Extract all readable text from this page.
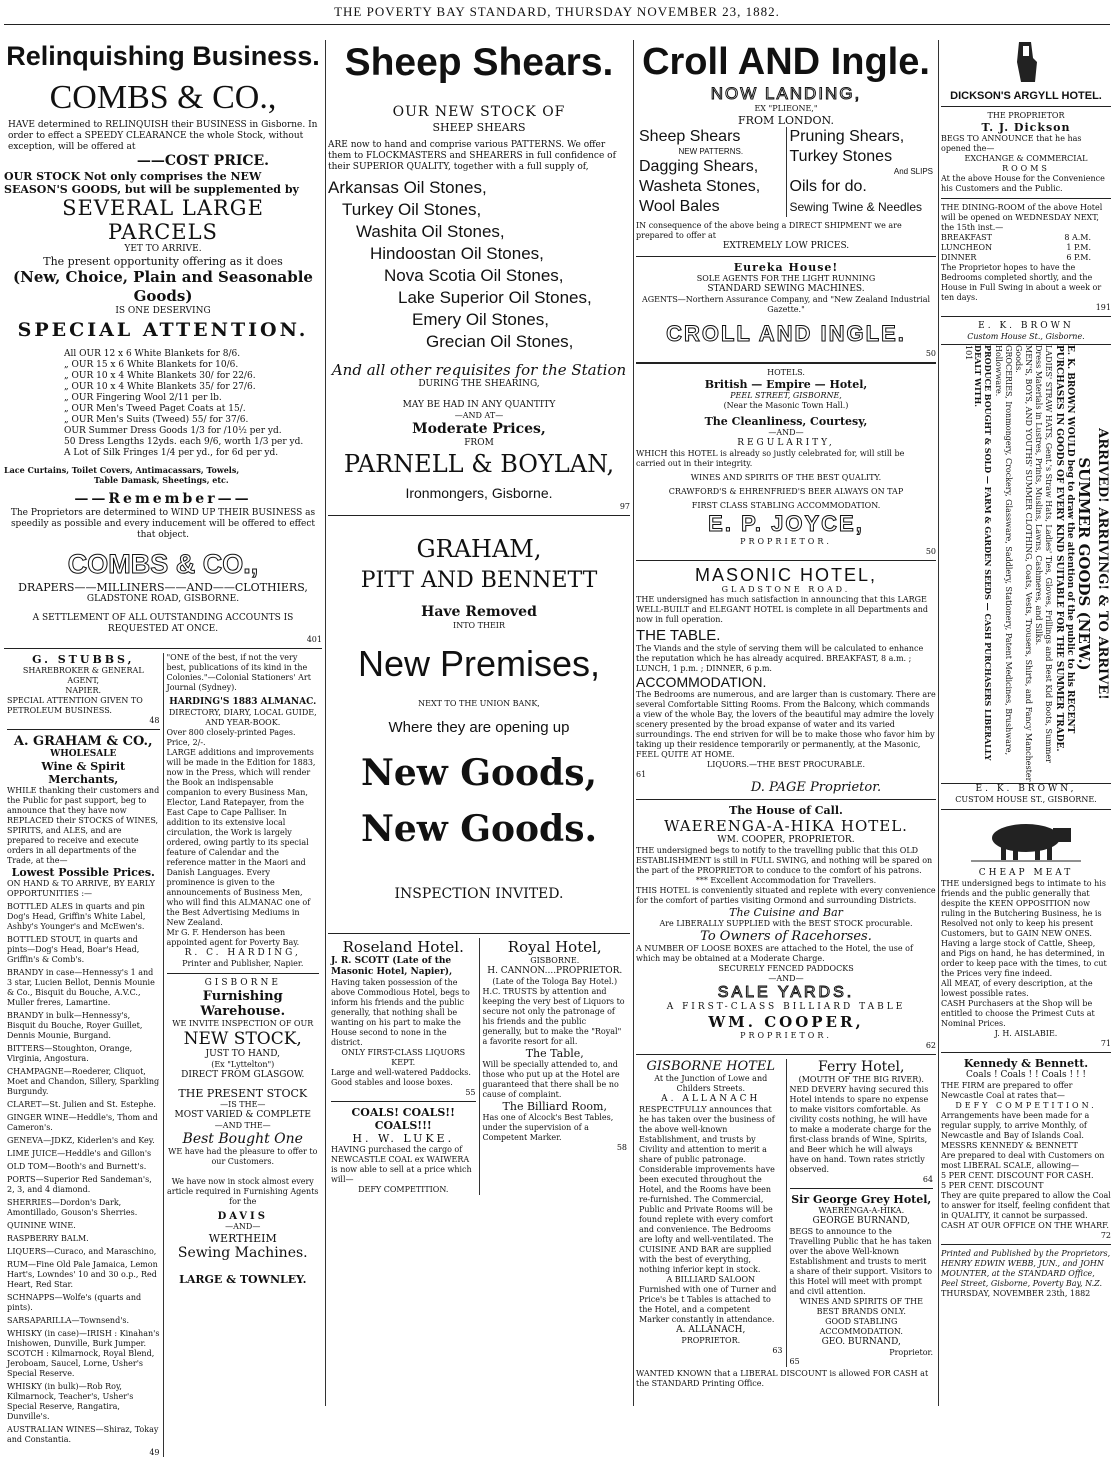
THE POVERTY BAY STANDARD, THURSDAY NOVEMBER 23, 1882.
Relinquishing Business.
COMBS & CO.,
HAVE determined to RELINQUISH their BUSINESS in Gisborne. In order to effect a SPEEDY CLEARANCE the whole Stock, without exception, will be offered at
——COST PRICE.
OUR STOCK Not only comprises the NEW SEASON'S GOODS, but will be supplemented by
SEVERAL LARGE PARCELS
YET TO ARRIVE.
The present opportunity offering as it does
(New, Choice, Plain and Seasonable Goods)
IS ONE DESERVING
SPECIAL ATTENTION.
All OUR 12 x 6 White Blankets for 8/6.
„ OUR 15 x 6 White Blankets for 10/6.
„ OUR 10 x 4 White Blankets 30/ for 22/6.
„ OUR 10 x 4 White Blankets 35/ for 27/6.
„ OUR Fingering Wool 2/11 per lb.
„ OUR Men's Tweed Paget Coats at 15/.
„ OUR Men's Suits (Tweed) 55/ for 37/6.
OUR Summer Dress Goods 1/3 for /10½ per yd.
50 Dress Lengths 12yds. each 9/6, worth 1/3 per yd.
A Lot of Silk Fringes 1/4 per yd., for 6d per yd.
Lace Curtains, Toilet Covers, Antimacassars, Towels,
Table Damask, Sheetings, etc.
——Remember——
The Proprietors are determined to WIND UP THEIR BUSINESS as speedily as possible and every inducement will be offered to effect that object.
COMBS & CO.,
DRAPERS——MILLINERS——AND——CLOTHIERS,
GLADSTONE ROAD, GISBORNE.
A SETTLEMENT OF ALL OUTSTANDING ACCOUNTS IS REQUESTED AT ONCE.
401
G. STUBBS,
SHAREBROKER & GENERAL AGENT,
NAPIER.
SPECIAL ATTENTION GIVEN TO PETROLEUM BUSINESS.
48
A. GRAHAM & CO.,
WHOLESALE
Wine & Spirit Merchants,
WHILE thanking their customers and the Public for past support, beg to announce that they have now REPLACED their STOCKS of WINES, SPIRITS, and ALES, and are prepared to receive and execute orders in all departments of the Trade, at the—
Lowest Possible Prices.
ON HAND & TO ARRIVE, BY EARLY OPPORTUNITIES :—
BOTTLED ALES in quarts and pin Dog's Head, Griffin's White Label, Ashby's Younger's and McEwen's.
BOTTLED STOUT, in quarts and pints—Dog's Head, Boar's Head, Griffin's & Comb's.
BRANDY in case—Hennessy's 1 and 3 star, Lucien Bellot, Dennis Mounie & Co., Bisquit du Bouche, A.V.C., Muller freres, Lamartine.
BRANDY in bulk—Hennessy's, Bisquit du Bouche, Royer Guillet, Dennis Mounie, Burgand.
BITTERS—Stoughton, Orange, Virginia, Angostura.
CHAMPAGNE—Roederer, Cliquot, Moet and Chandon, Sillery, Sparkling Burgundy.
CLARET—St. Julien and St. Estephe.
GINGER WINE—Heddle's, Thom and Cameron's.
GENEVA—JDKZ, Kiderlen's and Key.
LIME JUICE—Heddle's and Gillon's
OLD TOM—Booth's and Burnett's.
PORTS—Superior Red Sandeman's, 2, 3, and 4 diamond.
SHERRIES—Dordon's Dark, Amontillado, Gouson's Sherries.
QUININE WINE.
RASPBERRY BALM.
LIQUERS—Curaco, and Maraschino,
RUM—Fine Old Pale Jamaica, Lemon Hart's, Lowndes' 10 and 30 o.p., Red Heart, Red Star.
SCHNAPPS—Wolfe's (quarts and pints).
SARSAPARILLA—Townsend's.
WHISKY (in case)—IRISH : Kinahan's Inishowen, Dunville, Burk Jumper. SCOTCH : Kilmarnock, Royal Blend, Jeroboam, Saucel, Lorne, Usher's Special Reserve.
WHISKY (in bulk)—Rob Roy, Kilmarnock, Teacher's, Usher's Special Reserve, Rangatira, Dunville's.
AUSTRALIAN WINES—Shiraz, Tokay and Constantia.
49
"ONE of the best, if not the very best, publications of its kind in the Colonies."—Colonial Stationers' Art Journal (Sydney).
HARDING'S 1883 ALMANAC.
DIRECTORY, DIARY, LOCAL GUIDE, AND YEAR-BOOK.
Over 800 closely-printed Pages. Price, 2/-.
LARGE additions and improvements will be made in the Edition for 1883, now in the Press, which will render the Book an indispensable companion to every Business Man, Elector, Land Ratepayer, from the East Cape to Cape Palliser. In addition to its extensive local circulation, the Work is largely ordered, owing partly to its special feature of Calendar and the reference matter in the Maori and Danish Languages. Every prominence is given to the announcements of Business Men, who will find this ALMANAC one of the Best Advertising Mediums in New Zealand.
Mr G. F. Henderson has been appointed agent for Poverty Bay.
R. C. HARDING,
Printer and Publisher, Napier.
GISBORNE
Furnishing Warehouse.
WE INVITE INSPECTION OF OUR
NEW STOCK,
JUST TO HAND,
(Ex "Lyttelton")
DIRECT FROM GLASGOW.
THE PRESENT STOCK
—IS THE—
MOST VARIED & COMPLETE
—AND THE—
Best Bought One
WE have had the pleasure to offer to our Customers.
We have now in stock almost every article required in Furnishing Agents for the
DAVIS
—AND—
WERTHEIM
Sewing Machines.
LARGE & TOWNLEY.
Sheep Shears.
OUR NEW STOCK OF
SHEEP SHEARS
ARE now to hand and comprise various PATTERNS. We offer them to FLOCKMASTERS and SHEARERS in full confidence of their SUPERIOR QUALITY, together with a full supply of,
Arkansas Oil Stones,
Turkey Oil Stones,
Washita Oil Stones,
Hindoostan Oil Stones,
Nova Scotia Oil Stones,
Lake Superior Oil Stones,
Emery Oil Stones,
Grecian Oil Stones,
And all other requisites for the Station
DURING THE SHEARING,
MAY BE HAD IN ANY QUANTITY
—AND AT—
Moderate Prices,
FROM
PARNELL & BOYLAN,
Ironmongers, Gisborne.
97
GRAHAM,
PITT AND BENNETT
Have Removed
INTO THEIR
New Premises,
NEXT TO THE UNION BANK,
Where they are opening up
New Goods,
New Goods.
INSPECTION INVITED.
Roseland Hotel.
J. R. SCOTT (Late of the Masonic Hotel, Napier),
Having taken possession of the above Commodious Hotel, begs to inform his friends and the public generally, that nothing shall be wanting on his part to make the House second to none in the district.
ONLY FIRST-CLASS LIQUORS KEPT.
Large and well-watered Paddocks. Good stables and loose boxes.
55
COALS! COALS!! COALS!!!
H. W. LUKE.
HAVING purchased the cargo of NEWCASTLE COAL ex WAIWERA is now able to sell at a price which will—
DEFY COMPETITION.
Royal Hotel,
GISBORNE.
H. CANNON....PROPRIETOR.
(Late of the Tologa Bay Hotel.)
H.C. TRUSTS by attention and keeping the very best of Liquors to secure not only the patronage of his friends and the public generally, but to make the "Royal" a favorite resort for all.
The Table,
Will be specially attended to, and those who put up at the Hotel are guaranteed that there shall be no cause of complaint.
The Billiard Room,
Has one of Alcock's Best Tables, under the supervision of a Competent Marker.
58
Croll AND Ingle.
NOW LANDING,
EX "PLIEONE,"
FROM LONDON.
Sheep Shears
NEW PATTERNS.
Dagging Shears,
Washeta Stones,
Wool Bales
Pruning Shears,
Turkey Stones
And SLIPS
Oils for do.
Sewing Twine & Needles
IN consequence of the above being a DIRECT SHIPMENT we are prepared to offer at
EXTREMELY LOW PRICES.
Eureka House!
SOLE AGENTS FOR THE LIGHT RUNNING
STANDARD SEWING MACHINES.
AGENTS—Northern Assurance Company, and "New Zealand Industrial Gazette."
CROLL AND INGLE.
50
HOTELS.
British — Empire — Hotel,
PEEL STREET, GISBORNE,
(Near the Masonic Town Hall.)
The Cleanliness, Courtesy,
—AND—
REGULARITY,
WHICH this HOTEL is already so justly celebrated for, will still be carried out in their integrity.
WINES AND SPIRITS OF THE BEST QUALITY.
CRAWFORD'S & EHRENFRIED'S BEER ALWAYS ON TAP
FIRST CLASS STABLING ACCOMMODATION.
E. P. JOYCE,
PROPRIETOR.
50
MASONIC HOTEL,
GLADSTONE ROAD.
THE undersigned has much satisfaction in announcing that this LARGE WELL-BUILT and ELEGANT HOTEL is complete in all Departments and now in full operation.
THE TABLE.
The Viands and the style of serving them will be calculated to enhance the reputation which he has already acquired. BREAKFAST, 8 a.m. ; LUNCH, 1 p.m. ; DINNER, 6 p.m.
ACCOMMODATION.
The Bedrooms are numerous, and are larger than is customary. There are several Comfortable Sitting Rooms. From the Balcony, which commands a view of the whole Bay, the lovers of the beautiful may admire the lovely scenery presented by the broad expanse of water and its varied surroundings. The end striven for will be to make those who favor him by taking up their residence temporarily or permanently, at the Masonic, FEEL QUITE AT HOME.
LIQUORS.—THE BEST PROCURABLE.
61
D. PAGE Proprietor.
The House of Call.
WAERENGA-A-HIKA HOTEL.
WM. COOPER, PROPRIETOR.
THE undersigned begs to notify to the travelling public that this OLD ESTABLISHMENT is still in FULL SWING, and nothing will be spared on the part of the PROPRIETOR to conduce to the comfort of his patrons.
*** Excellent Accommodation for Travellers.
THIS HOTEL is conveniently situated and replete with every convenience for the comfort of parties visiting Ormond and surrounding Districts.
The Cuisine and Bar
Are LIBERALLY SUPPLIED with the BEST STOCK procurable.
To Owners of Racehorses.
A NUMBER OF LOOSE BOXES are attached to the Hotel, the use of which may be obtained at a Moderate Charge.
SECURELY FENCED PADDOCKS
—AND—
SALE YARDS.
A FIRST-CLASS BILLIARD TABLE
WM. COOPER,
PROPRIETOR.
62
GISBORNE HOTEL
At the Junction of Lowe and Childers Streets.
A. ALLANACH
RESPECTFULLY announces that he has taken over the business of the above well-known Establishment, and trusts by Civility and attention to merit a share of public patronage.
Considerable improvements have been executed throughout the Hotel, and the Rooms have been re-furnished. The Commercial, Public and Private Rooms will be found replete with every comfort and convenience. The Bedrooms are lofty and well-ventilated. The CUISINE AND BAR are supplied with the best of everything, nothing inferior kept in stock.
A BILLIARD SALOON
Furnished with one of Turner and Price's be t Tables is attached to the Hotel, and a competent Marker constantly in attendance.
A. ALLANACH,
PROPRIETOR.
63
Ferry Hotel,
(MOUTH OF THE BIG RIVER).
NED DEVERY having secured this Hotel intends to spare no expense to make visitors comfortable. As civility costs nothing, he will have to make a moderate charge for the first-class brands of Wine, Spirits, and Beer which he will always have on hand. Town rates strictly observed.
64
Sir George Grey Hotel,
WAERENGA-A-HIKA.
GEORGE BURNAND,
BEGS to announce to the Travelling Public that he has taken over the above Well-known Establishment and trusts to merit a share of their support. Visitors to this Hotel will meet with prompt and civil attention.
WINES AND SPIRITS OF THE BEST BRANDS ONLY.
GOOD STABLING ACCOMMODATION.
GEO. BURNAND,
Proprietor.
65
WANTED KNOWN that a LIBERAL DISCOUNT is allowed FOR CASH at the STANDARD Printing Office.
DICKSON'S ARGYLL HOTEL.
THE PROPRIETOR
T. J. Dickson
BEGS TO ANNOUNCE that he has opened the—
EXCHANGE & COMMERCIAL
ROOMS
At the above House for the Convenience his Customers and the Public.
THE DINING-ROOM of the above Hotel will be opened on WEDNESDAY NEXT, the 15th inst.—
BREAKFAST	8 A.M.
LUNCHEON	1 P.M.
DINNER	6 P.M.
The Proprietor hopes to have the Bedrooms completed shortly, and the House in Full Swing in about a week or ten days.
191
E. K. BROWN
Custom House St., Gisborne.
ARRIVED! ARRIVING! & TO ARRIVE!
SUMMER GOODS (NEW.)
E. K. BROWN WOULD beg to draw the attention of the public to his RECENT PURCHASES IN GOODS OF EVERY KIND SUITABLE FOR THE SUMMER TRADE.
LADIES' STRAW HATS, Gent.'s Straw Hats, Ladies' Ties, Gloves, Frillings and Best Kid Boots, Summer Dress Materials in Lustres, Prints, Muslins, Lawns, Cashmeres, and Silks.
MEN'S, BOYS, AND YOUTHS' SUMMER CLOTHING, Coats, Vests, Trousers, Shirts, and Fancy Manchester Goods.
GROCERIES, Ironmongery, Crockery, Glassware, Saddlery, Stationery, Patent Medicines, Brushware, Hollowware.
PRODUCE BOUGHT & SOLD — FARM & GARDEN SEEDS — CASH PURCHASERS LIBERALLY DEALT WITH.
101
E. K. BROWN,
CUSTOM HOUSE ST., GISBORNE.
CHEAP MEAT
THE undersigned begs to intimate to his friends and the public generally that despite the KEEN OPPOSITION now ruling in the Butchering Business, he is Resolved not only to keep his present Customers, but to GAIN NEW ONES.
Having a large stock of Cattle, Sheep, and Pigs on hand, he has determined, in order to keep pace with the times, to cut the Prices very fine indeed.
All MEAT, of every description, at the lowest possible rates.
CASH Purchasers at the Shop will be entitled to choose the Primest Cuts at Nominal Prices.
J. H. AISLABIE.
71
Kennedy & Bennett.
Coals ! Coals ! ! Coals ! ! !
THE FIRM are prepared to offer Newcastle Coal at rates that—
DEFY COMPETITION.
Arrangements have been made for a regular supply, to arrive Monthly, of Newcastle and Bay of Islands Coal.
MESSRS KENNEDY & BENNETT
Are prepared to deal with Customers on most LIBERAL SCALE, allowing—
5 PER CENT. DISCOUNT FOR CASH.
5 PER CENT. DISCOUNT
They are quite prepared to allow the Coal to answer for itself, feeling confident that in QUALITY, it cannot be surpassed.
CASH AT OUR OFFICE ON THE WHARF.
72
Printed and Published by the Proprietors, HENRY EDWIN WEBB, JUN., and JOHN MOUNTER, at the STANDARD Office, Peel Street, Gisborne, Poverty Bay, N.Z.
THURSDAY, NOVEMBER 23th, 1882
